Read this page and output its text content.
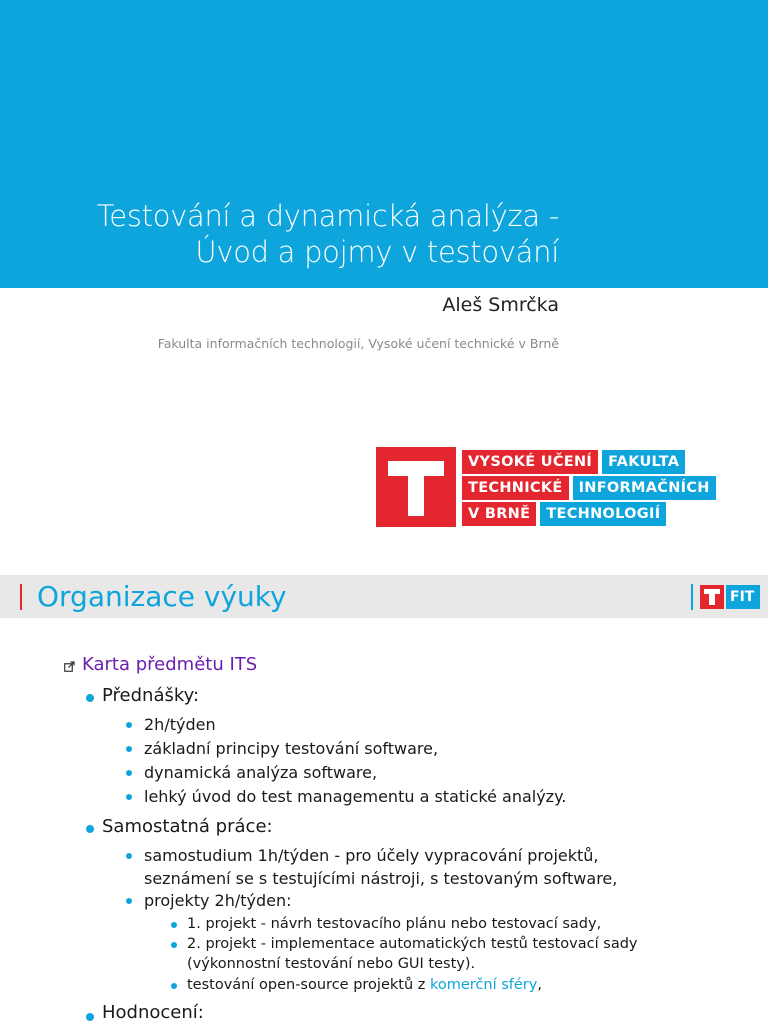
Testování a dynamická analýza -
Úvod a pojmy v testování
Aleš Smrčka
Fakulta informačních technologií, Vysoké učení technické v Brně
VYSOKÉ UČENÍ	FAKULTA
TECHNICKÉ	INFORMAČNÍCH
V BRNĚ	TECHNOLOGIÍ
Organizace výuky	FIT
Karta předmětu ITS
Přednášky:
2h/týden
základní principy testování software,
dynamická analýza software,
lehký úvod do test managementu a statické analýzy.
Samostatná práce:
samostudium 1h/týden - pro účely vypracování projektů,
seznámení se s testujícími nástroji, s testovaným software,
projekty 2h/týden:
1. projekt - návrh testovacího plánu nebo testovací sady,
2. projekt - implementace automatických testů testovací sady
(výkonnostní testování nebo GUI testy).
testování open-source projektů z komerční sféry,
Hodnocení:
